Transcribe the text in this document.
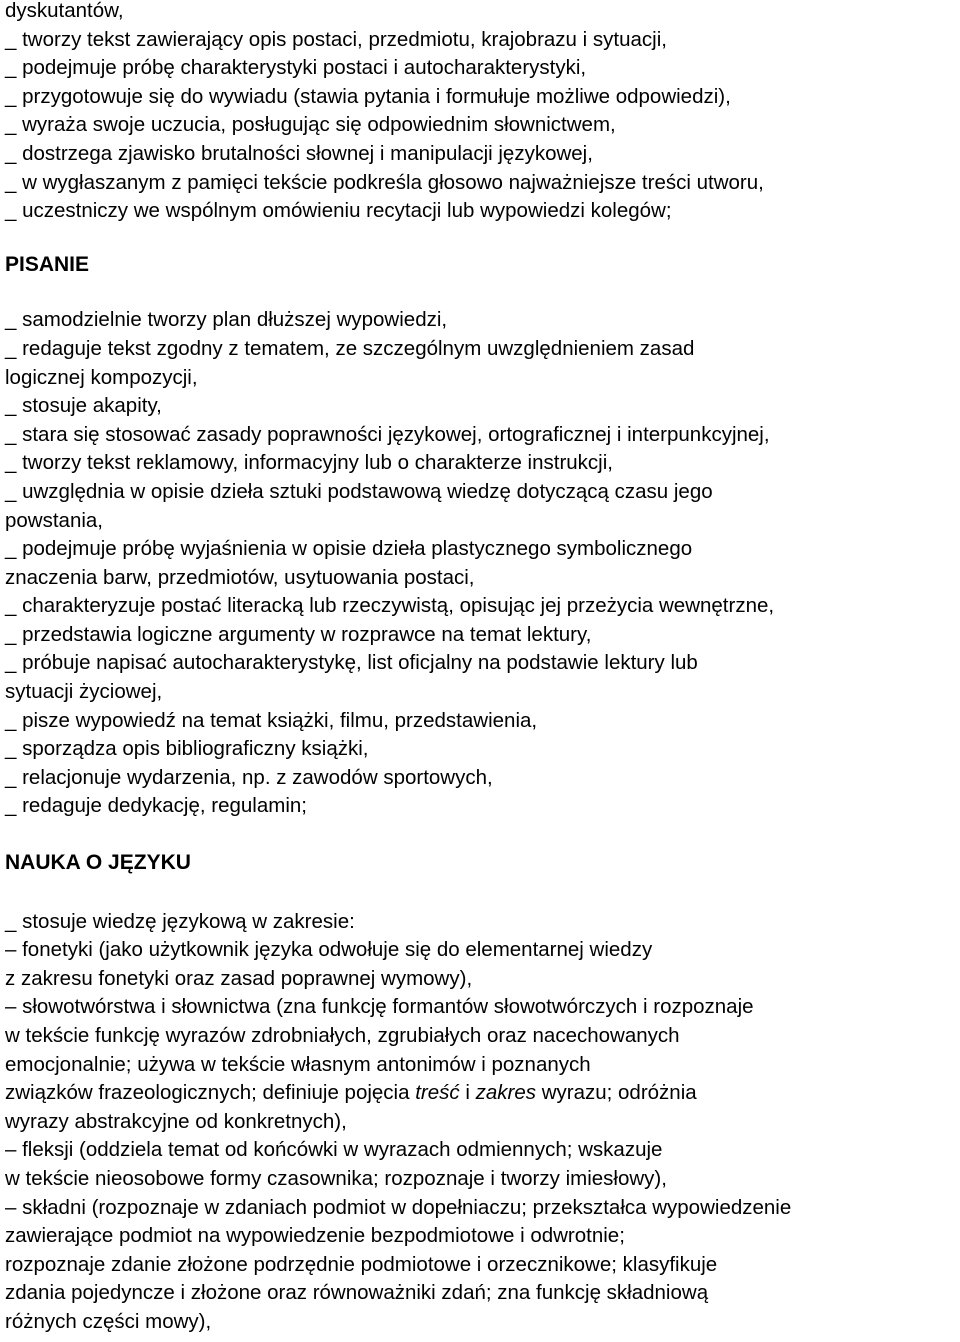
dyskutantów,

_ tworzy tekst zawierający opis postaci, przedmiotu, krajobrazu i sytuacji,

_ podejmuje próbę charakterystyki postaci i autocharakterystyki,

_ przygotowuje się do wywiadu (stawia pytania i formułuje możliwe odpowiedzi),

_ wyraża swoje uczucia, posługując się odpowiednim słownictwem,

_ dostrzega zjawisko brutalności słownej i manipulacji językowej,

_ w wygłaszanym z pamięci tekście podkreśla głosowo najważniejsze treści utworu,

_ uczestniczy we wspólnym omówieniu recytacji lub wypowiedzi kolegów;

PISANIE

_ samodzielnie tworzy plan dłuższej wypowiedzi,

_ redaguje tekst zgodny z tematem, ze szczególnym uwzględnieniem zasad

logicznej kompozycji,

_ stosuje akapity,

_ stara się stosować zasady poprawności językowej, ortograficznej i interpunkcyjnej,

_ tworzy tekst reklamowy, informacyjny lub o charakterze instrukcji,

_ uwzględnia w opisie dzieła sztuki podstawową wiedzę dotyczącą czasu jego

powstania,

_ podejmuje próbę wyjaśnienia w opisie dzieła plastycznego symbolicznego

znaczenia barw, przedmiotów, usytuowania postaci,

_ charakteryzuje postać literacką lub rzeczywistą, opisując jej przeżycia wewnętrzne,

_ przedstawia logiczne argumenty w rozprawce na temat lektury,

_ próbuje napisać autocharakterystykę, list oficjalny na podstawie lektury lub

sytuacji życiowej,

_ pisze wypowiedź na temat książki, filmu, przedstawienia,

_ sporządza opis bibliograficzny książki,

_ relacjonuje wydarzenia, np. z zawodów sportowych,

_ redaguje dedykację, regulamin;

NAUKA O JĘZYKU

_ stosuje wiedzę językową w zakresie:

– fonetyki (jako użytkownik języka odwołuje się do elementarnej wiedzy

z zakresu fonetyki oraz zasad poprawnej wymowy),

– słowotwórstwa i słownictwa (zna funkcję formantów słowotwórczych i rozpoznaje

w tekście funkcję wyrazów zdrobniałych, zgrubiałych oraz nacechowanych

emocjonalnie; używa w tekście własnym antonimów i poznanych

związków frazeologicznych; definiuje pojęcia treść i zakres wyrazu; odróżnia

wyrazy abstrakcyjne od konkretnych),

– fleksji (oddziela temat od końcówki w wyrazach odmiennych; wskazuje

w tekście nieosobowe formy czasownika; rozpoznaje i tworzy imiesłowy),

– składni (rozpoznaje w zdaniach podmiot w dopełniaczu; przekształca wypowiedzenie

zawierające podmiot na wypowiedzenie bezpodmiotowe i odwrotnie;

rozpoznaje zdanie złożone podrzędnie podmiotowe i orzecznikowe; klasyfikuje

zdania pojedyncze i złożone oraz równoważniki zdań; zna funkcję składniową

różnych części mowy),
